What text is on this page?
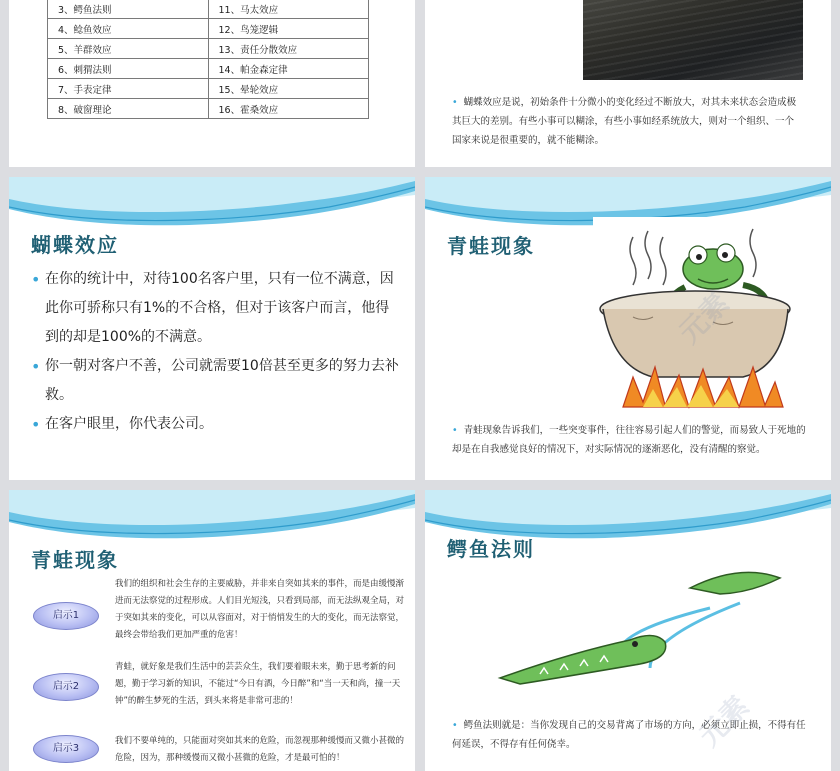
3、鳄鱼法则	11、马太效应
4、鲶鱼效应	12、鸟笼逻辑
5、羊群效应	13、责任分散效应
6、刺猬法则	14、帕金森定律
7、手表定律	15、晕轮效应
8、破窗理论	16、霍桑效应
• 蝴蝶效应是说，初始条件十分微小的变化经过不断放大，对其未来状态会造成极其巨大的差别。有些小事可以糊涂，有些小事如经系统放大，则对一个组织、一个国家来说是很重要的，就不能糊涂。
蝴蝶效应
• 在你的统计中，对待100名客户里，只有一位不满意，因此你可骄称只有1%的不合格，但对于该客户而言，他得到的却是100%的不满意。
• 你一朝对客户不善，公司就需要10倍甚至更多的努力去补救。
• 在客户眼里，你代表公司。
青蛙现象
• 青蛙现象告诉我们，一些突变事件，往往容易引起人们的警觉，而易致人于死地的却是在自我感觉良好的情况下，对实际情况的逐渐恶化，没有清醒的察觉。
青蛙现象
启示1
我们的组织和社会生存的主要威胁，并非来自突如其来的事件，而是由缓慢渐进而无法察觉的过程形成。人们目光短浅，只看到局部，而无法纵观全局，对于突如其来的变化，可以从容面对，对于悄悄发生的大的变化，而无法察觉，最终会带给我们更加严重的危害！
启示2
青蛙，就好象是我们生活中的芸芸众生，我们要着眼未来，勤于思考新的问题，勤于学习新的知识，不能过“今日有酒，今日醉”和“当一天和尚，撞一天钟”的醉生梦死的生活，到头来将是非常可悲的！
启示3
我们不要单纯的，只能面对突如其来的危险，而忽视那种缓慢而又微小甚微的危险，因为，那种缓慢而又微小甚微的危险，才是最可怕的！
鳄鱼法则
• 鳄鱼法则就是：当你发现自己的交易背离了市场的方向，必须立即止损，不得有任何延误，不得存有任何侥幸。	元素
